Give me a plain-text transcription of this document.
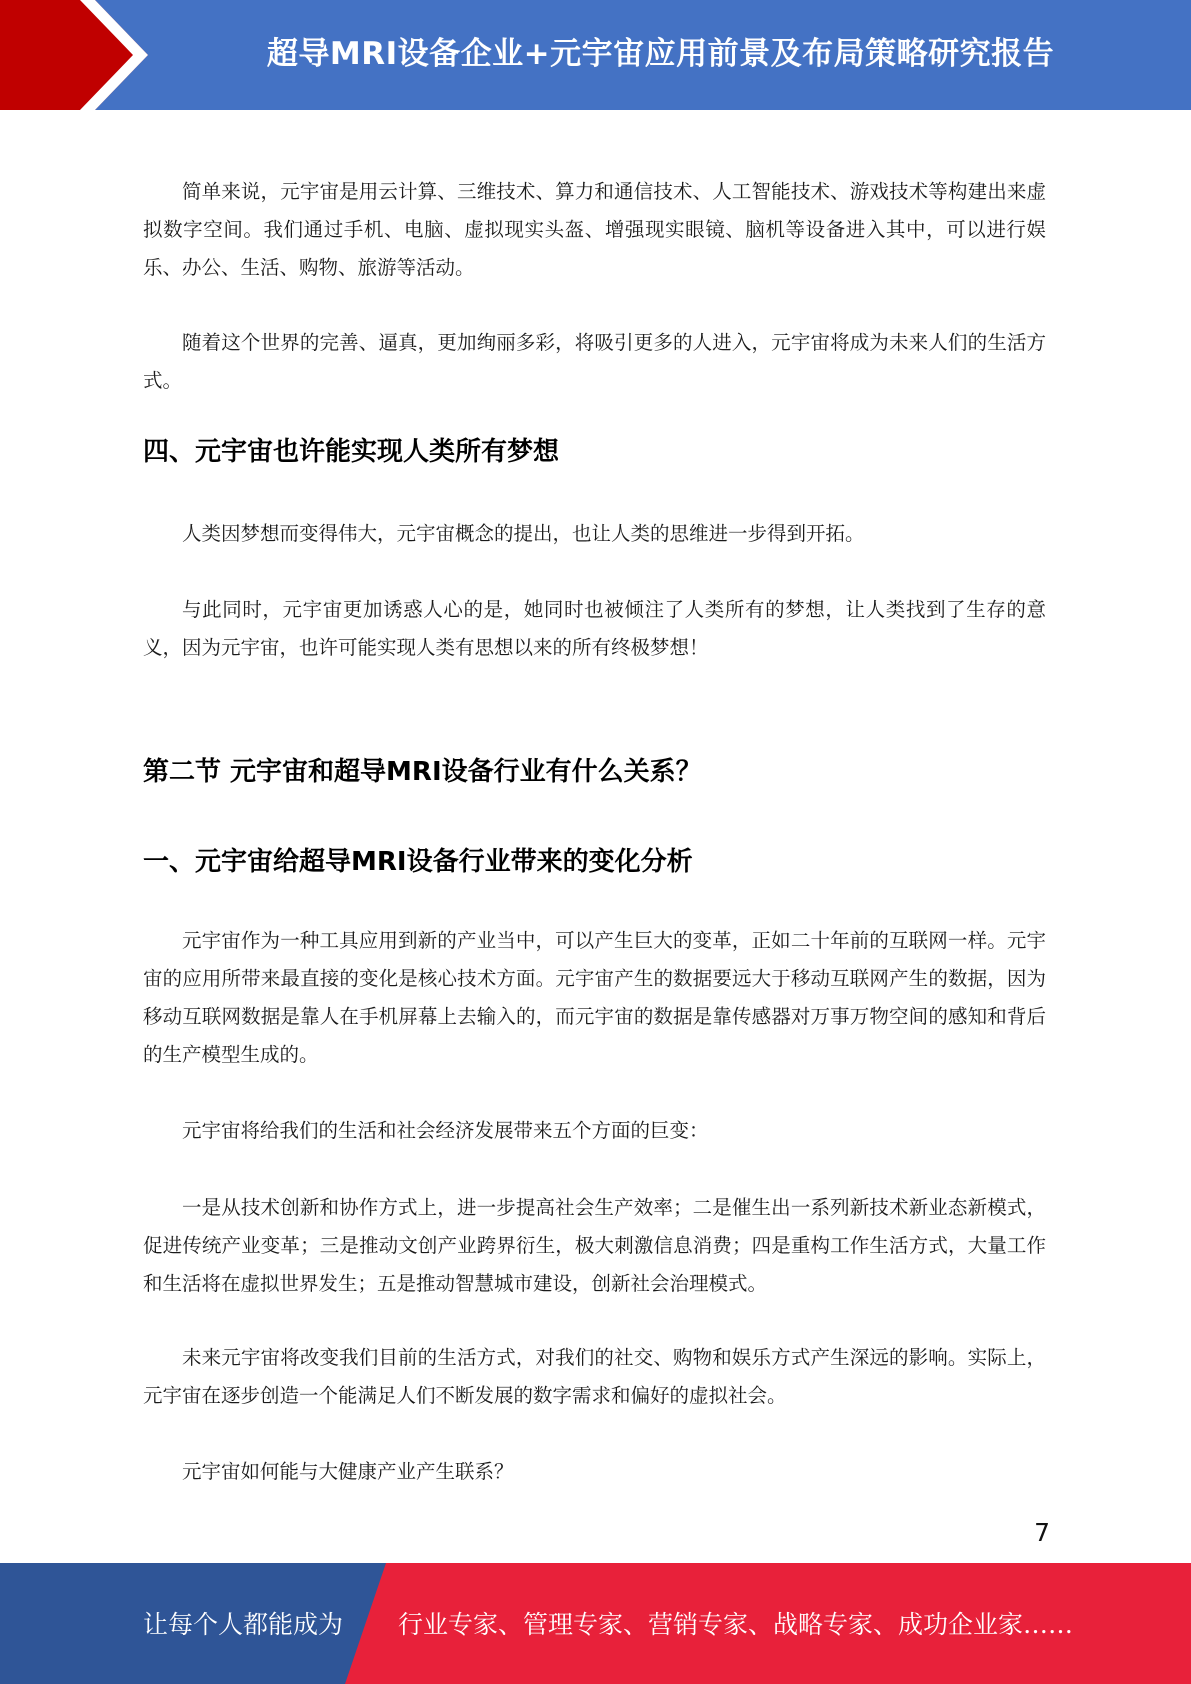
超导MRI设备企业+元宇宙应用前景及布局策略研究报告

简单来说，元宇宙是用云计算、三维技术、算力和通信技术、人工智能技术、游戏技术等构建出来虚拟数字空间。我们通过手机、电脑、虚拟现实头盔、增强现实眼镜、脑机等设备进入其中，可以进行娱乐、办公、生活、购物、旅游等活动。

随着这个世界的完善、逼真，更加绚丽多彩，将吸引更多的人进入，元宇宙将成为未来人们的生活方式。

四、元宇宙也许能实现人类所有梦想

人类因梦想而变得伟大，元宇宙概念的提出，也让人类的思维进一步得到开拓。

与此同时，元宇宙更加诱惑人心的是，她同时也被倾注了人类所有的梦想，让人类找到了生存的意义，因为元宇宙，也许可能实现人类有思想以来的所有终极梦想！

第二节 元宇宙和超导MRI设备行业有什么关系？
一、元宇宙给超导MRI设备行业带来的变化分析

元宇宙作为一种工具应用到新的产业当中，可以产生巨大的变革，正如二十年前的互联网一样。元宇宙的应用所带来最直接的变化是核心技术方面。元宇宙产生的数据要远大于移动互联网产生的数据，因为移动互联网数据是靠人在手机屏幕上去输入的，而元宇宙的数据是靠传感器对万事万物空间的感知和背后的生产模型生成的。

元宇宙将给我们的生活和社会经济发展带来五个方面的巨变：

一是从技术创新和协作方式上，进一步提高社会生产效率；二是催生出一系列新技术新业态新模式，促进传统产业变革；三是推动文创产业跨界衍生，极大刺激信息消费；四是重构工作生活方式，大量工作和生活将在虚拟世界发生；五是推动智慧城市建设，创新社会治理模式。

未来元宇宙将改变我们目前的生活方式，对我们的社交、购物和娱乐方式产生深远的影响。实际上，元宇宙在逐步创造一个能满足人们不断发展的数字需求和偏好的虚拟社会。

元宇宙如何能与大健康产业产生联系？

7
让每个人都能成为 行业专家、管理专家、营销专家、战略专家、成功企业家……
